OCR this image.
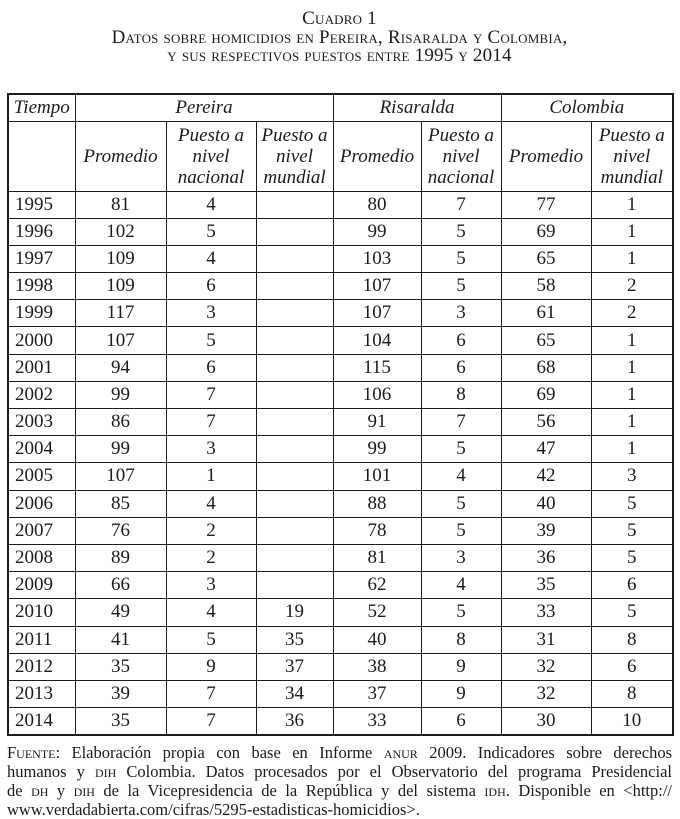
Cuadro 1
Datos sobre homicidios en Pereira, Risaralda y Colombia,
y sus respectivos puestos entre 1995 y 2014
Tiempo	Pereira			Risaralda		Colombia	
	Promedio	Puesto a nivel nacional	Puesto a nivel mundial	Promedio	Puesto a nivel nacional	Promedio	Puesto a nivel mundial
1995	81	4		80	7	77	1
1996	102	5		99	5	69	1
1997	109	4		103	5	65	1
1998	109	6		107	5	58	2
1999	117	3		107	3	61	2
2000	107	5		104	6	65	1
2001	94	6		115	6	68	1
2002	99	7		106	8	69	1
2003	86	7		91	7	56	1
2004	99	3		99	5	47	1
2005	107	1		101	4	42	3
2006	85	4		88	5	40	5
2007	76	2		78	5	39	5
2008	89	2		81	3	36	5
2009	66	3		62	4	35	6
2010	49	4	19	52	5	33	5
2011	41	5	35	40	8	31	8
2012	35	9	37	38	9	32	6
2013	39	7	34	37	9	32	8
2014	35	7	36	33	6	30	10

Fuente: Elaboración propia con base en Informe anur 2009. Indicadores sobre derechos
humanos y dih Colombia. Datos procesados por el Observatorio del programa Presidencial
de dh y dih de la Vicepresidencia de la República y del sistema idh. Disponible en <http://
www.verdadabierta.com/cifras/5295-estadisticas-homicidios>.
